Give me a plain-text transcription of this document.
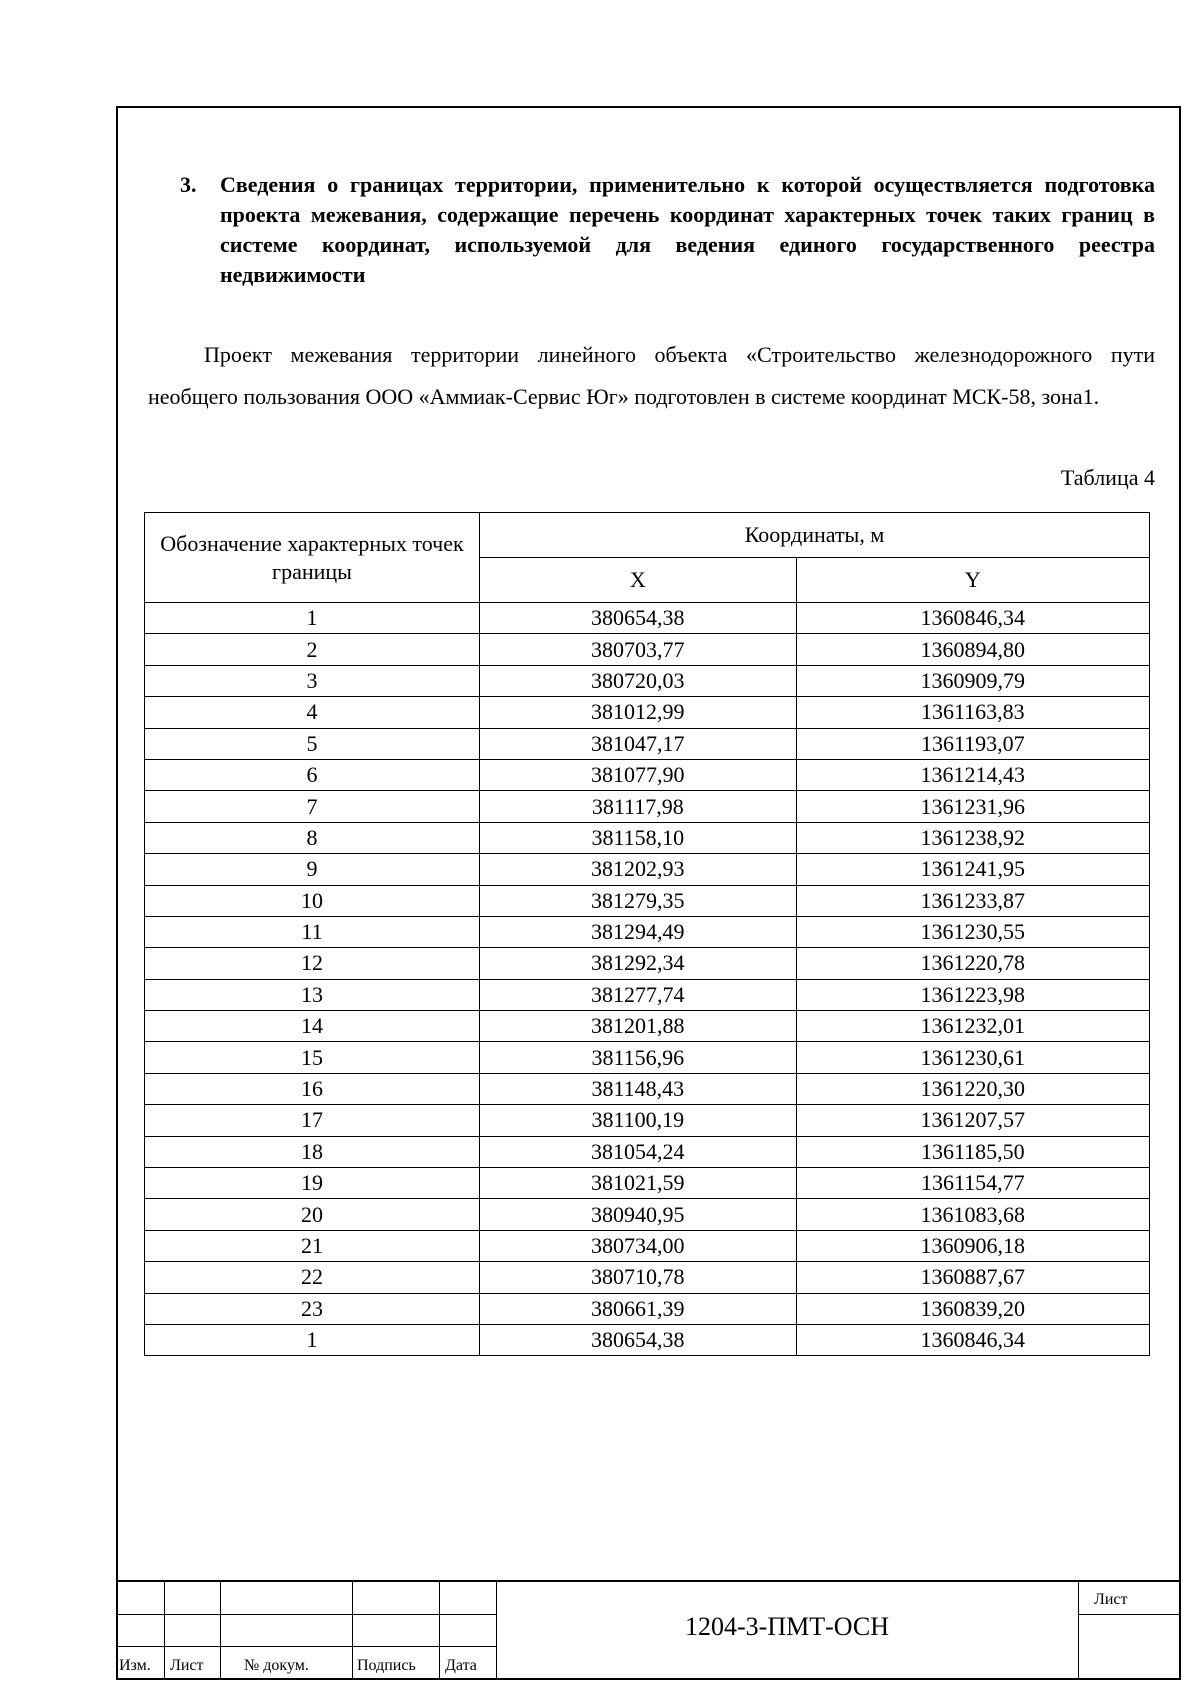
3. Сведения о границах территории, применительно к которой осуществляется подготовка проекта межевания, содержащие перечень координат характерных точек таких границ в системе координат, используемой для ведения единого государственного реестра недвижимости
Проект межевания территории линейного объекта «Строительство железнодорожного пути необщего пользования ООО «Аммиак-Сервис Юг» подготовлен в системе координат МСК-58, зона1.
Таблица 4
Обозначение характерных точек границы	Координаты, м	
	X	Y
1	380654,38	1360846,34
2	380703,77	1360894,80
3	380720,03	1360909,79
4	381012,99	1361163,83
5	381047,17	1361193,07
6	381077,90	1361214,43
7	381117,98	1361231,96
8	381158,10	1361238,92
9	381202,93	1361241,95
10	381279,35	1361233,87
11	381294,49	1361230,55
12	381292,34	1361220,78
13	381277,74	1361223,98
14	381201,88	1361232,01
15	381156,96	1361230,61
16	381148,43	1361220,30
17	381100,19	1361207,57
18	381054,24	1361185,50
19	381021,59	1361154,77
20	380940,95	1361083,68
21	380734,00	1360906,18
22	380710,78	1360887,67
23	380661,39	1360839,20
1	380654,38	1360846,34
Изм. Лист	№ докум.	Подпись Дата
Лист
1204-3-ПМТ-ОСН
